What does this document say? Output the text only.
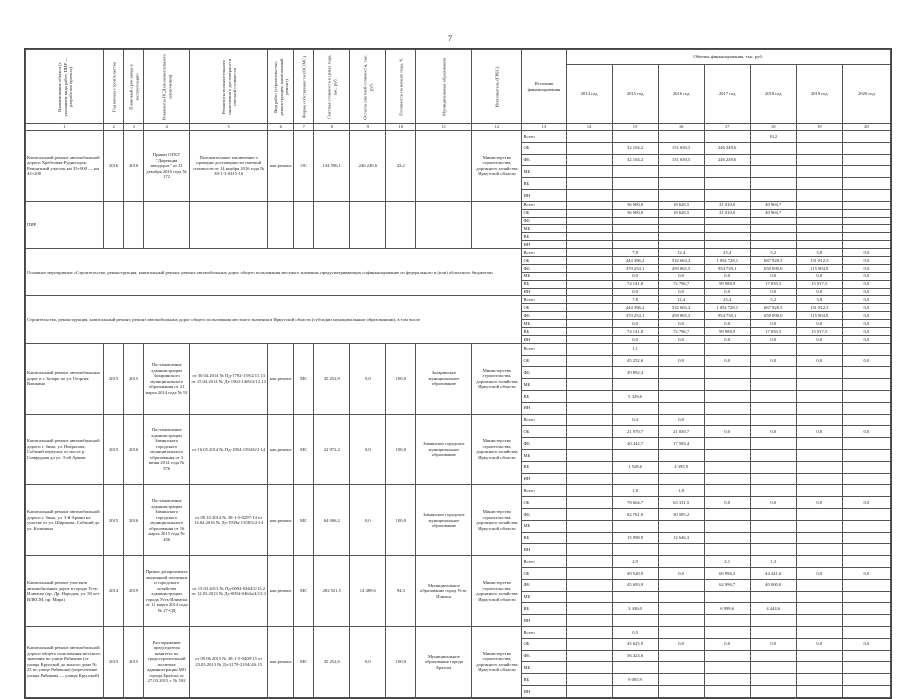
7
Наименование объекта (с указанием вида работ, ПИР — разработки проекта)	Год начала строительства	Плановый срок ввода в эксплуатацию	Реквизиты ПСД (положительного заключения)	Реквизиты положительного заключения о достоверности сметной стоимости	Вид работ (строительство, реконструкция, капитальный ремонт)	Форма собственности (ОС/МС)	Сметная стоимость в ценах года, тыс. руб.	Остаток сметной стоимости, тыс. руб.	Готовность на начало года, %	Муниципальные образования	Исполнитель (ГРБС)	Источник финансирования	Объемы финансирования, тыс. руб.						
													2014 год	2015 год	2016 год	2017 год	2018 год	2019 год	2020 год
1	2	3	4	5	6	7	8	9	10	11	12	13	14	15	16	17	18	19	20
Капитальный ремонт автомобильной дороги Хребтовая-Рудногорск. Ремонтный участок км 35+000 — км 43+200	2016	2016	Приказ ОГКУ "Дирекция автодорог" от 21 декабря 2016 года № 172	Положительное заключение о проверке достоверности сметной стоимости от 14 ноября 2016 года № 38-1-3-0415-16	кап.ремонт	ОС	134 596,1	246 249,6	43,2		Министерство строительства, дорожного хозяйства Иркутской области	Всего					10,2		
												ОБ		32 104,2	151 650,5	246 249,6			
												ФБ		32 104,2	151 650,5	246 249,6			
												МБ							
												ВБ							
												НН							
ПИР												Всего		36 000,0	18 626,5	21 010,0	40 904,7		
												ОБ		36 000,0	18 626,5	21 010,0	40 904,7		
												ФБ							
												МБ							
												ВБ							
												НН							
Основное мероприятие «Строительство, реконструкция, капитальный ремонт, ремонт автомобильных дорог общего пользования местного значения, предусматривающих софинансирование из федерального и (или) областного бюджетов»												Всего		7,8	12,4	25,4	5,2	3,8	0,0
												ОБ		444 396,2	532 663,2	1 054 728,1	667 928,5	131 812,3	0,0
												ФБ		370 254,1	459 865,5	954 739,1	650 090,0	115 904,9	0,0
												МБ		0,0	0,0	0,0	0,0	0,0	0,0
												ВБ		74 141,8	72 796,7	99 988,9	17 835,5	15 917,5	0,0
												НН		0,0	0,0	0,0	0,0	0,0	0,0
Строительство, реконструкция, капитальный ремонт, ремонт автомобильных дорог общего пользования местного значения в Иркутской области (субсидии муниципальным образованиям), в том числе												Всего		7,8	12,4	25,4	5,2	3,8	0,0
												ОБ		444 396,2	532 663,2	1 054 728,1	667 928,5	131 812,3	0,0
												ФБ		370 254,1	459 865,5	954 739,1	650 090,0	115 904,9	0,0
												МБ		0,0	0,0	0,0	0,0	0,0	0,0
												ВБ		74 141,8	72 796,7	99 988,9	17 835,5	15 917,5	0,0
												НН		0,0	0,0	0,0	0,0	0,0	0,0
Капитальный ремонт автомобильных дорог в г. Заларь по ул. Георгия Вашкина	2015	2015	Постановление администрации Заларинского муниципального образования от 21 марта 2014 года № 91	от 30.04.2014 № Пд-1782-159/2/11.13 от 15.04.2014 № Дз-1962-1469/2/12.13	кап.ремонт	МС	45 252,9	0,0	100,0	Заларинское муниципальное образование	Министерство строительства, дорожного хозяйства Иркутской области	Всего		1,1					
												ОБ		45 252,6	0,0	0,0	0,0	0,0	0,0
												ФБ		39 892,4					
												МБ							
												ВБ		5 329,6					
												НН							
Капитальный ремонт автомобильной дороги г. Зима, ул. Некрасова, Собачий переулок от моста р. Главрудная до ул. 3-ей Армии	2015	2016	Постановление администрации Зиминского городского муниципального образования от 3 июня 2014 года № 976	от 16.05.2014 № Пд-1894-1594/6/2-14	кап.ремонт	МС	22 972,2	0,0	100,0	Зиминское городское муниципальное образование	Министерство строительства, дорожного хозяйства Иркутской области	Всего		0,4	0,0				
												ОБ		21 970,7	21 030,7	0,0	0,0	0,0	0,0
												ФБ		20 442,7	17 583,4				
												МБ							
												ВБ		1 528,6	4 395,9				
												НН							
Капитальный ремонт автомобильной дороги г. Зима, ул. 3-й Армии на участке от ул. Ширшова, Собачий до ул. Калинина	2015	2016	Постановление администрации Зиминского городского муниципального образования от 16 марта 2015 года № 456	от 09.10.2014 № 38-1-5-0297-14 от 14.04.2016 № Дз-1939а-1358/3/2-14	кап.ремонт	МС	64 006,2	0,0	100,0	Зиминское городское муниципальное образование	Министерство строительства, дорожного хозяйства Иркутской области	Всего		1,8	1,8				
												ОБ		78 664,7	63 331,5	0,0	0,0	0,0	0,0
												ФБ		62 761,0	50 585,2				
												МБ							
												ВБ		15 998,9	12 646,3				
												НН							
Капитальный ремонт участков автомобильных дорог в городе Усть-Илимске (пр. Др. Народов, ул. 50 лет ВЛКСМ, пр. Мира)	2014	2019	Приказ департамента жилищной политики и городского хозяйства администрации города Усть-Илимска от 11 марта 2014 года № 27-ОД	от 15.03.2013 № Пд-0094-0464/2/13.2 от 12.03.2013 № Дз-0094-0464а/4/13.3	кап.ремонт	МС	282 921,5	14 489,6	94,3	Муниципальное образование город Усть-Илимск	Министерство строительства, дорожного хозяйства Иркутской области	Всего		2,9		2,1	1,3		
												ОБ		49 528,9	0,0	69 996,3	44 441,6	0,0	0,0
												ФБ		45 693,9		62 996,7	40 000,0		
												МБ							
												ВБ		3 436,0		6 999,6	4 444,6		
												НН							
Капитальный ремонт автомобильной дороги общего пользования местного значения по улице Рябикова (от улицы Крупской до жилого дома № 25 по улице Рябикова) (пересечение улицы Рябикова — улицы Крупской)	2015	2015	Распоряжение председателя комитета по градостроительной политике администрации МО города Братска от 27.03.2015 г. № 592	от 09.06.2015 № 38-1-5-0408-15 от 23.05.2013 № Дз-2179-2194/4/6.15	кап.ремонт	МС	45 252,6	0,0	100,0	Муниципальное образование города Братска	Министерство строительства, дорожного хозяйства Иркутской области	Всего		0,5					
												ОБ		45 625,9	0,0	0,0	0,0	0,0	0,0
												ФБ		36 423,6					
												МБ							
												ВБ		9 005,9					
												НН							
